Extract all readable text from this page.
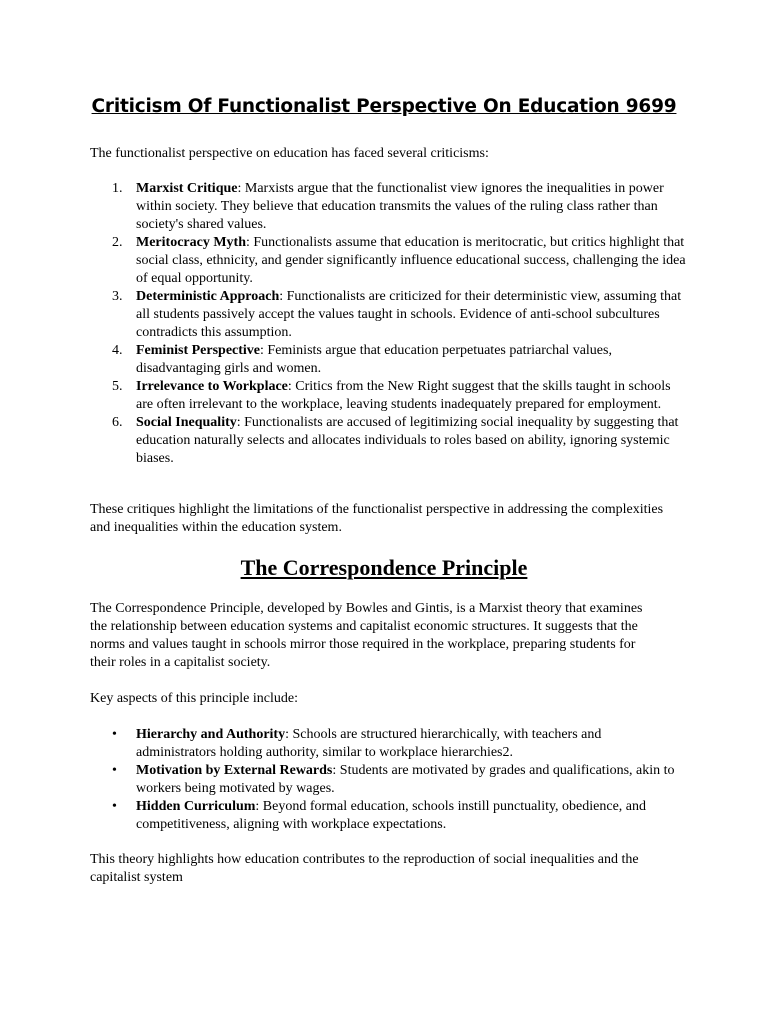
Criticism Of Functionalist Perspective On Education 9699

The functionalist perspective on education has faced several criticisms:

1. Marxist Critique: Marxists argue that the functionalist view ignores the inequalities in power within society. They believe that education transmits the values of the ruling class rather than society's shared values.
2. Meritocracy Myth: Functionalists assume that education is meritocratic, but critics highlight that social class, ethnicity, and gender significantly influence educational success, challenging the idea of equal opportunity.
3. Deterministic Approach: Functionalists are criticized for their deterministic view, assuming that all students passively accept the values taught in schools. Evidence of anti-school subcultures contradicts this assumption.
4. Feminist Perspective: Feminists argue that education perpetuates patriarchal values, disadvantaging girls and women.
5. Irrelevance to Workplace: Critics from the New Right suggest that the skills taught in schools are often irrelevant to the workplace, leaving students inadequately prepared for employment.
6. Social Inequality: Functionalists are accused of legitimizing social inequality by suggesting that education naturally selects and allocates individuals to roles based on ability, ignoring systemic biases.

These critiques highlight the limitations of the functionalist perspective in addressing the complexities and inequalities within the education system.

The Correspondence Principle

The Correspondence Principle, developed by Bowles and Gintis, is a Marxist theory that examines the relationship between education systems and capitalist economic structures. It suggests that the norms and values taught in schools mirror those required in the workplace, preparing students for their roles in a capitalist society.

Key aspects of this principle include:

• Hierarchy and Authority: Schools are structured hierarchically, with teachers and administrators holding authority, similar to workplace hierarchies2.
• Motivation by External Rewards: Students are motivated by grades and qualifications, akin to workers being motivated by wages.
• Hidden Curriculum: Beyond formal education, schools instill punctuality, obedience, and competitiveness, aligning with workplace expectations.

This theory highlights how education contributes to the reproduction of social inequalities and the capitalist system
